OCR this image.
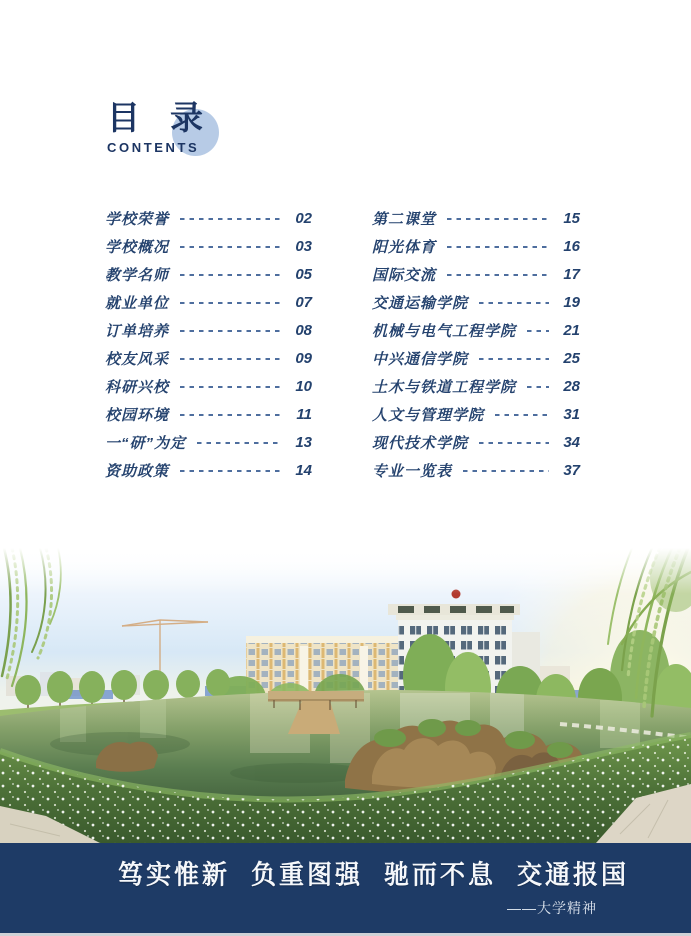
目录
CONTENTS
学校荣誉	02
学校概况	03
教学名师	05
就业单位	07
订单培养	08
校友风采	09
科研兴校	10
校园环境	11
一“研”为定	13
资助政策	14
第二课堂	15
阳光体育	16
国际交流	17
交通运输学院	19
机械与电气工程学院	21
中兴通信学院	25
土木与铁道工程学院	28
人文与管理学院	31
现代技术学院	34
专业一览表	37
笃实惟新 负重图强 驰而不息 交通报国
——大学精神
